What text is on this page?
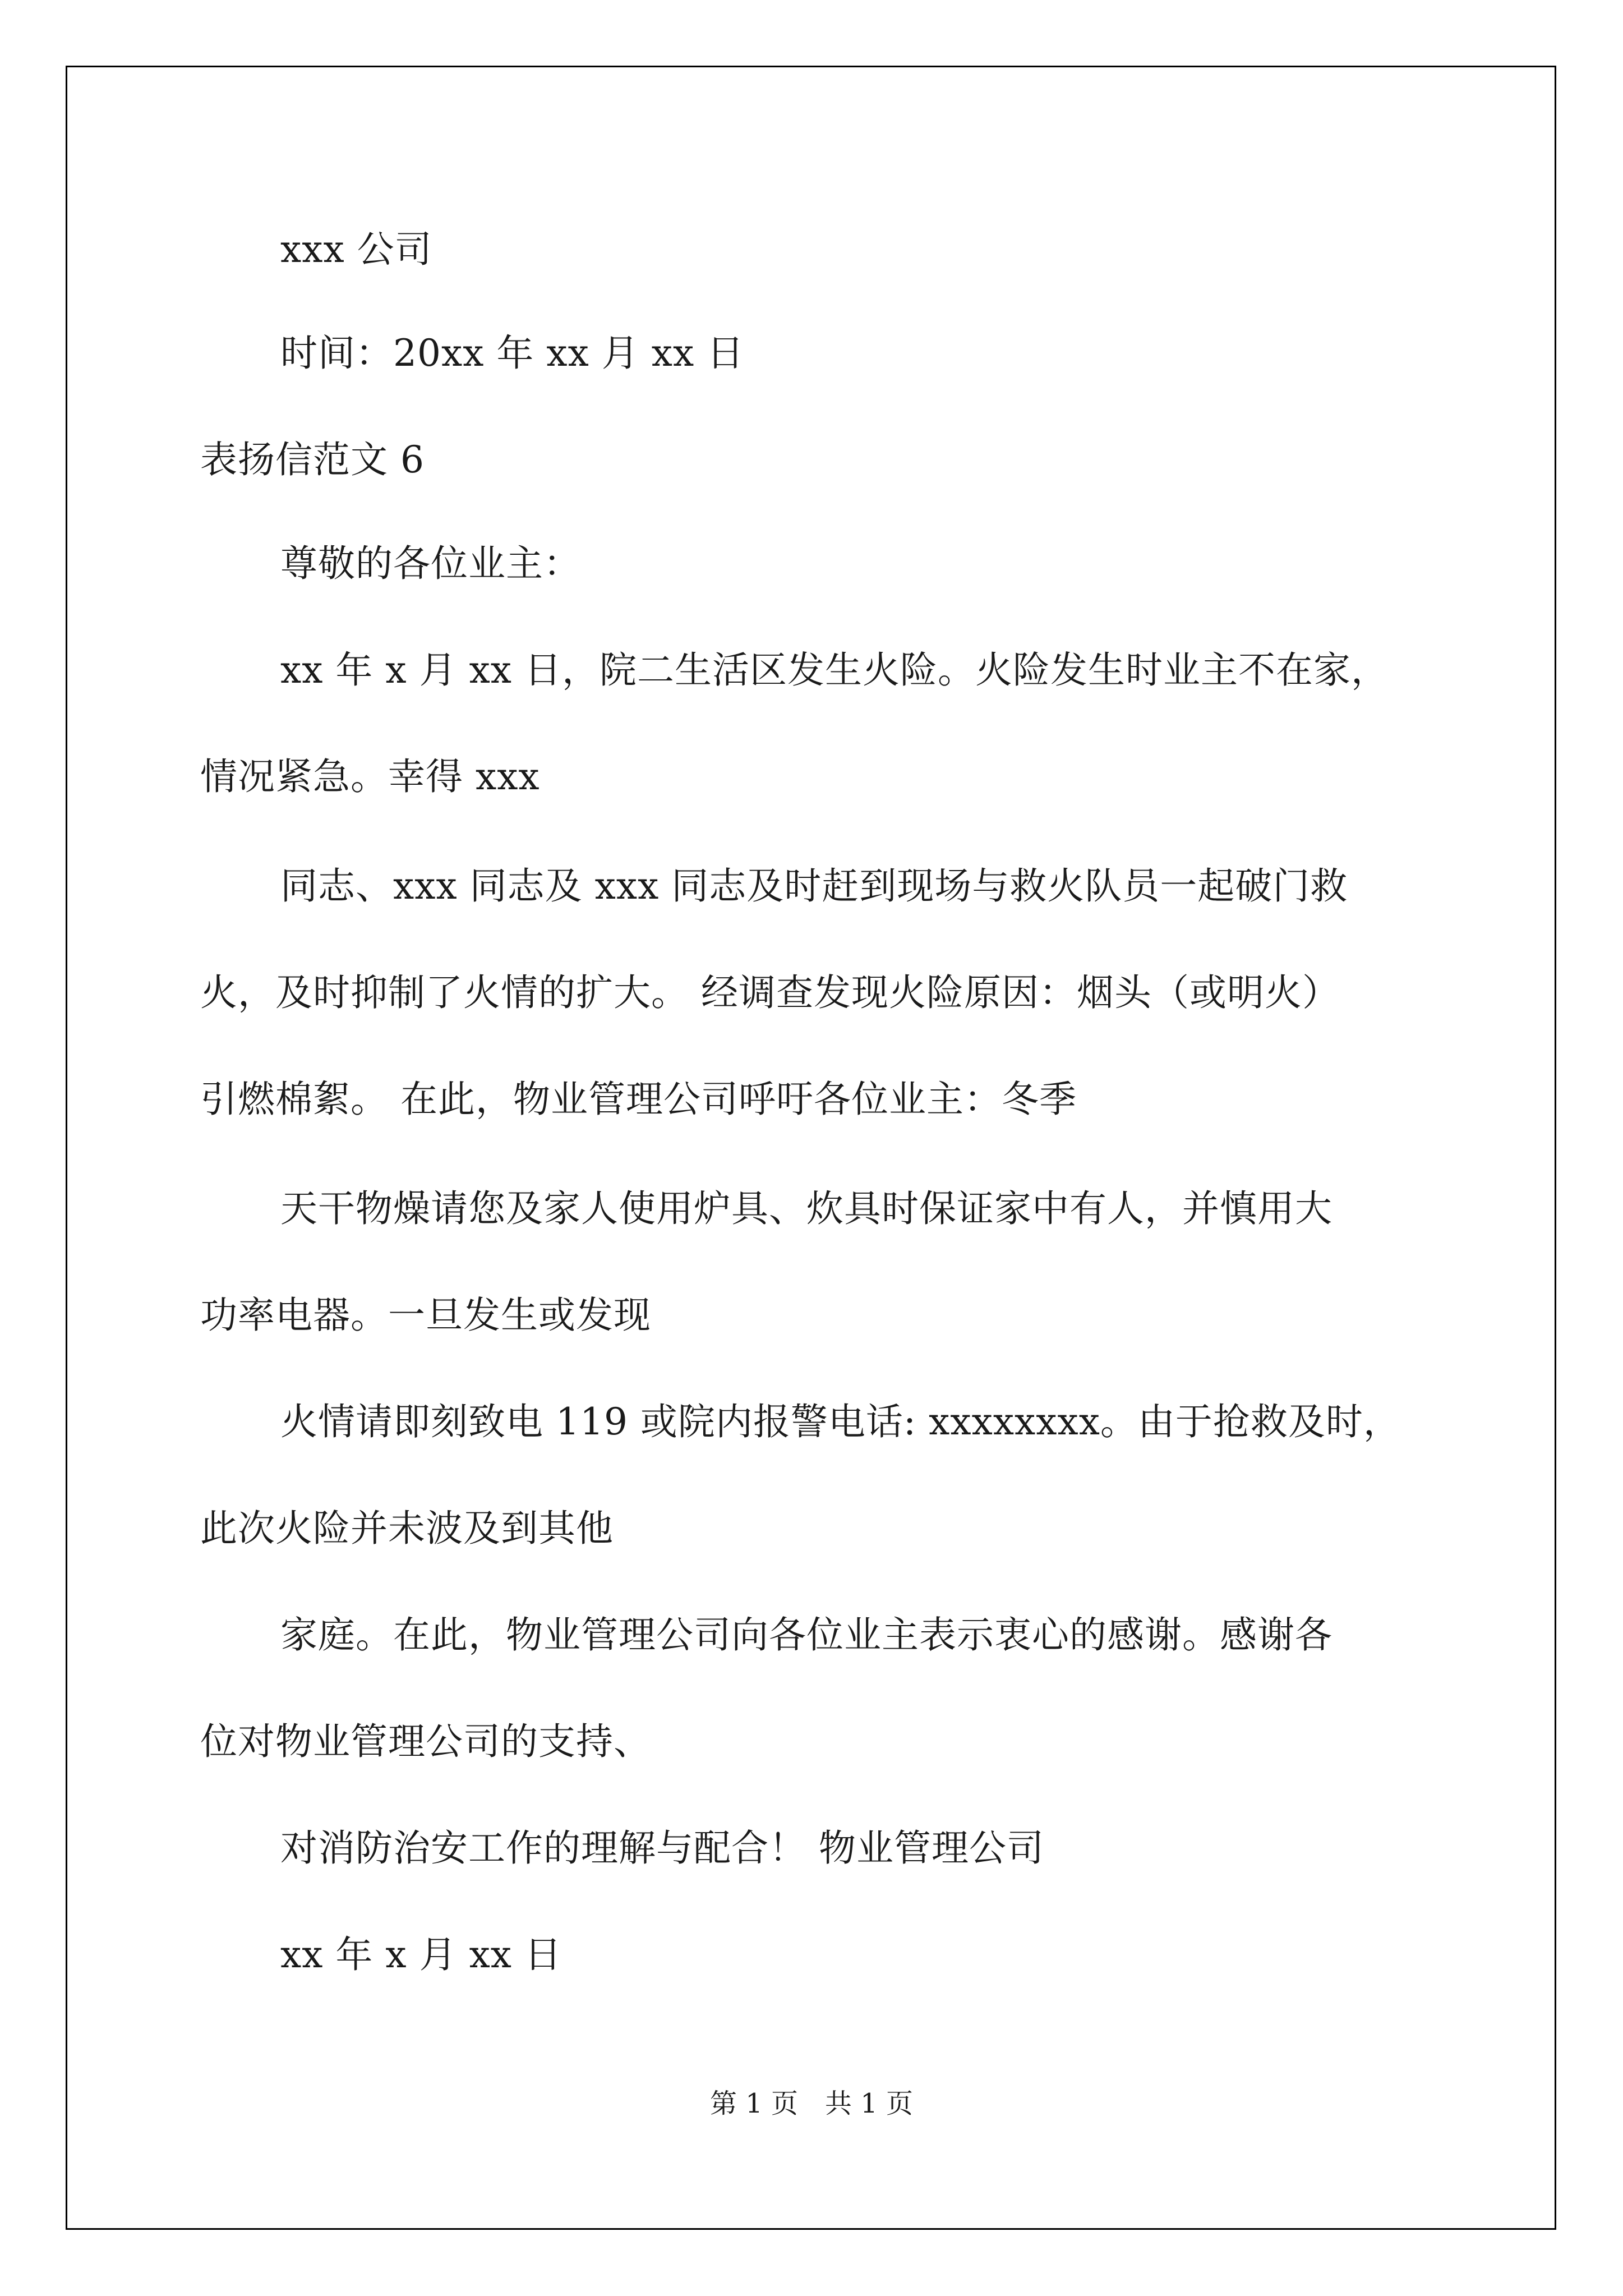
xxx 公司
时间：20xx 年 xx 月 xx 日
表扬信范文 6
尊敬的各位业主：
xx 年 x 月 xx 日，院二生活区发生火险。火险发生时业主不在家，
情况紧急。幸得 xxx
同志、xxx 同志及 xxx 同志及时赶到现场与救火队员一起破门救
火，及时抑制了火情的扩大。 经调查发现火险原因：烟头（或明火）
引燃棉絮。 在此，物业管理公司呼吁各位业主：冬季
天干物燥请您及家人使用炉具、炊具时保证家中有人，并慎用大
功率电器。一旦发生或发现
火情请即刻致电 119 或院内报警电话: xxxxxxxx。由于抢救及时，
此次火险并未波及到其他
家庭。在此，物业管理公司向各位业主表示衷心的感谢。感谢各
位对物业管理公司的支持、
对消防治安工作的理解与配合！ 物业管理公司
xx 年 x 月 xx 日
第 1 页　共 1 页
